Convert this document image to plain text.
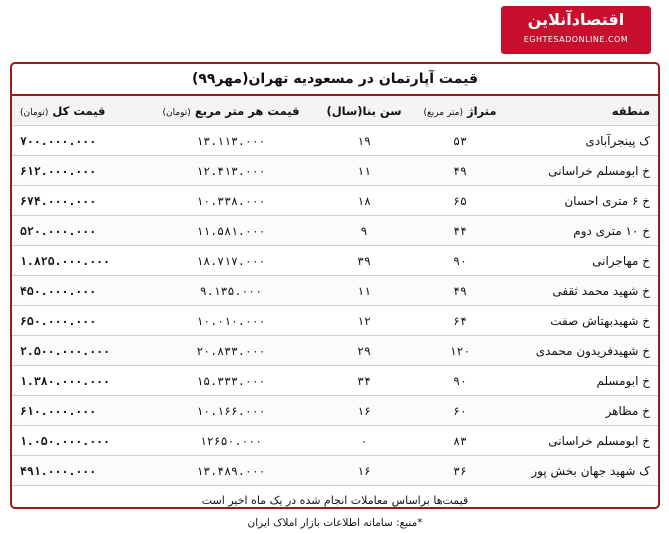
اقتصادآنلاین
EGHTESADONLINE.COM
قیمت آپارتمان در مسعودیه تهران(مهر۹۹)
منطقه	متراژ (متر مربع)	سن بنا(سال)	قیمت هر متر مربع (تومان)	قیمت کل (تومان)
ک پینجرآبادی	۵۳	۱۹	۱۳.۱۱۳.۰۰۰	۷۰۰.۰۰۰.۰۰۰
خ ابومسلم خراسانی	۴۹	۱۱	۱۲.۴۱۳.۰۰۰	۶۱۲.۰۰۰.۰۰۰
خ ۶ متری احسان	۶۵	۱۸	۱۰.۳۳۸.۰۰۰	۶۷۴.۰۰۰.۰۰۰
خ ۱۰ متری دوم	۴۴	۹	۱۱.۵۸۱.۰۰۰	۵۲۰.۰۰۰.۰۰۰
خ مهاجرانی	۹۰	۳۹	۱۸.۷۱۷.۰۰۰	۱.۸۲۵.۰۰۰.۰۰۰
خ شهید محمد ثقفی	۴۹	۱۱	۹.۱۳۵.۰۰۰	۴۵۰.۰۰۰.۰۰۰
خ شهیدبهتاش صفت	۶۴	۱۲	۱۰.۰۱۰.۰۰۰	۶۵۰.۰۰۰.۰۰۰
خ شهیدفریدون محمدی	۱۲۰	۲۹	۲۰.۸۳۳.۰۰۰	۲.۵۰۰.۰۰۰.۰۰۰
خ ابومسلم	۹۰	۳۴	۱۵.۳۳۳.۰۰۰	۱.۳۸۰.۰۰۰.۰۰۰
خ مظاهر	۶۰	۱۶	۱۰.۱۶۶.۰۰۰	۶۱۰.۰۰۰.۰۰۰
خ ابومسلم خراسانی	۸۳	۰	۱۲۶۵۰.۰۰۰	۱.۰۵۰.۰۰۰.۰۰۰
ک شهید جهان بخش پور	۳۶	۱۶	۱۳.۴۸۹.۰۰۰	۴۹۱.۰۰۰.۰۰۰
قیمت‌ها براساس معاملات انجام شده در یک ماه اخیر است
*منبع: سامانه اطلاعات بازار املاک ایران
